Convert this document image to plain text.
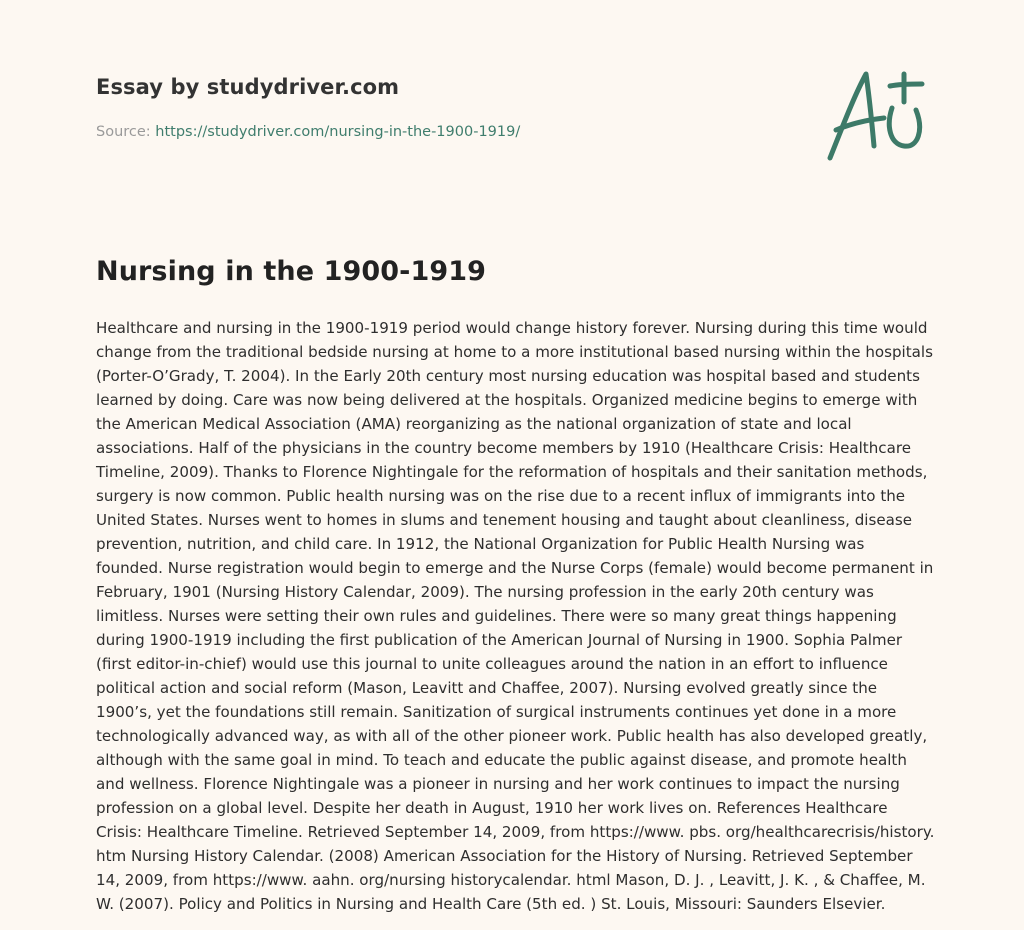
Essay by studydriver.com
Source: https://studydriver.com/nursing-in-the-1900-1919/
Nursing in the 1900-1919

Healthcare and nursing in the 1900-1919 period would change history forever. Nursing during this time would change from the traditional bedside nursing at home to a more institutional based nursing within the hospitals (Porter-O’Grady, T. 2004). In the Early 20th century most nursing education was hospital based and students learned by doing. Care was now being delivered at the hospitals. Organized medicine begins to emerge with the American Medical Association (AMA) reorganizing as the national organization of state and local associations. Half of the physicians in the country become members by 1910 (Healthcare Crisis: Healthcare Timeline, 2009). Thanks to Florence Nightingale for the reformation of hospitals and their sanitation methods, surgery is now common. Public health nursing was on the rise due to a recent influx of immigrants into the United States. Nurses went to homes in slums and tenement housing and taught about cleanliness, disease prevention, nutrition, and child care. In 1912, the National Organization for Public Health Nursing was founded. Nurse registration would begin to emerge and the Nurse Corps (female) would become permanent in February, 1901 (Nursing History Calendar, 2009). The nursing profession in the early 20th century was limitless. Nurses were setting their own rules and guidelines. There were so many great things happening during 1900-1919 including the first publication of the American Journal of Nursing in 1900. Sophia Palmer (first editor-in-chief) would use this journal to unite colleagues around the nation in an effort to influence political action and social reform (Mason, Leavitt and Chaffee, 2007). Nursing evolved greatly since the 1900’s, yet the foundations still remain. Sanitization of surgical instruments continues yet done in a more technologically advanced way, as with all of the other pioneer work. Public health has also developed greatly, although with the same goal in mind. To teach and educate the public against disease, and promote health and wellness. Florence Nightingale was a pioneer in nursing and her work continues to impact the nursing profession on a global level. Despite her death in August, 1910 her work lives on. References Healthcare Crisis: Healthcare Timeline. Retrieved September 14, 2009, from https://www. pbs. org/healthcarecrisis/history. htm Nursing History Calendar. (2008) American Association for the History of Nursing. Retrieved September 14, 2009, from https://www. aahn. org/nursing historycalendar. html Mason, D. J. , Leavitt, J. K. , & Chaffee, M. W. (2007). Policy and Politics in Nursing and Health Care (5th ed. ) St. Louis, Missouri: Saunders Elsevier.
